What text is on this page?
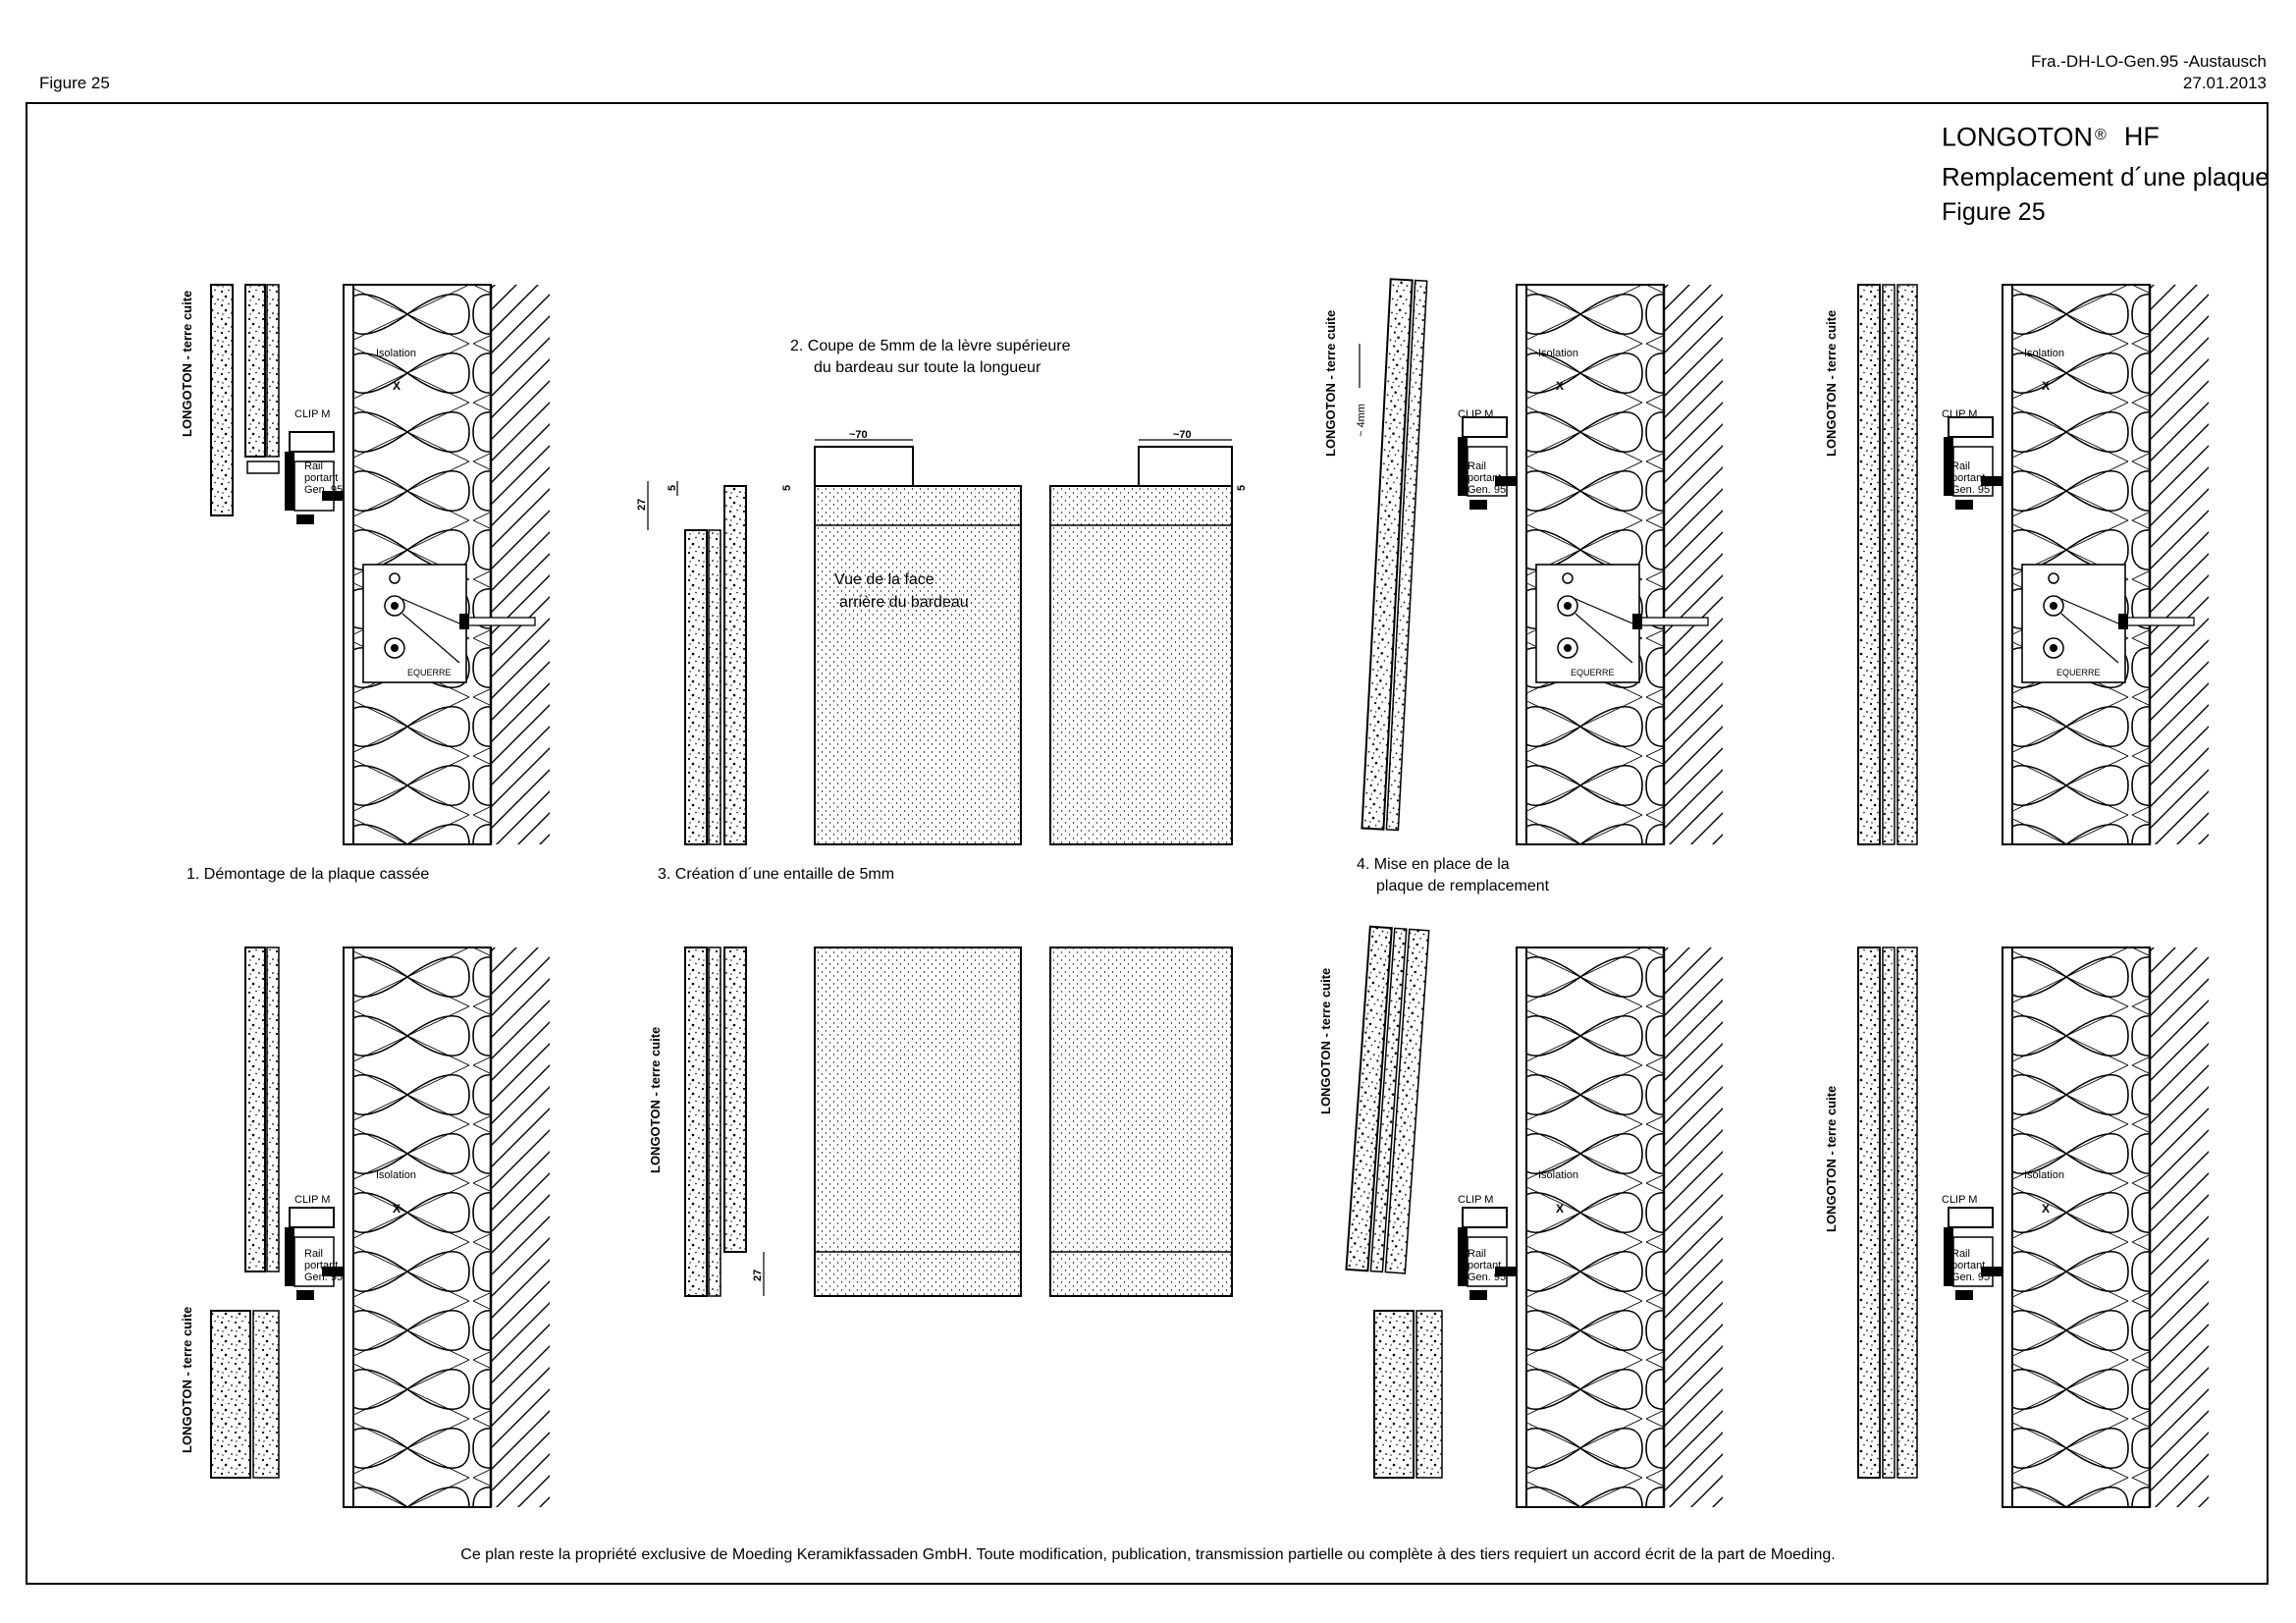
Figure 25
Fra.-DH-LO-Gen.95 -Austausch
27.01.2013
LONGOTON ® HF
Remplacement d´une plaque
Figure 25
LONGOTON - terre cuite	LONGOTON - terre cuite	LONGOTON - terre cuite
LONGOTON - terre cuite
LONGOTON - terre cuite	LONGOTON - terre cuite
LONGOTON - terre cuite
Isolation	Isolation	Isolation
Isolation	Isolation	Isolation
X	X	X
X	X	X
CLIP M	CLIP M	CLIP M
CLIP M	CLIP M	CLIP M
Rail
portant
Gen. 95
Rail
portant
Gen. 95
Rail
portant
Gen. 95
Rail
portant
Gen. 95
Rail
portant
Gen. 95
Rail
portant
Gen. 95
EQUERRE	EQUERRE	EQUERRE
Vue de la face
arrière du bardeau
~70	~70
27
27
5	5	5
~ 4mm
1. Démontage de la plaque cassée
2. Coupe de 5mm de la lèvre supérieure
du bardeau sur toute la longueur
3. Création d´une entaille de 5mm
4. Mise en place de la
plaque de remplacement
Ce plan reste la propriété exclusive de Moeding Keramikfassaden GmbH. Toute modification, publication, transmission partielle ou complète à des tiers requiert un accord écrit de la part de Moeding.
